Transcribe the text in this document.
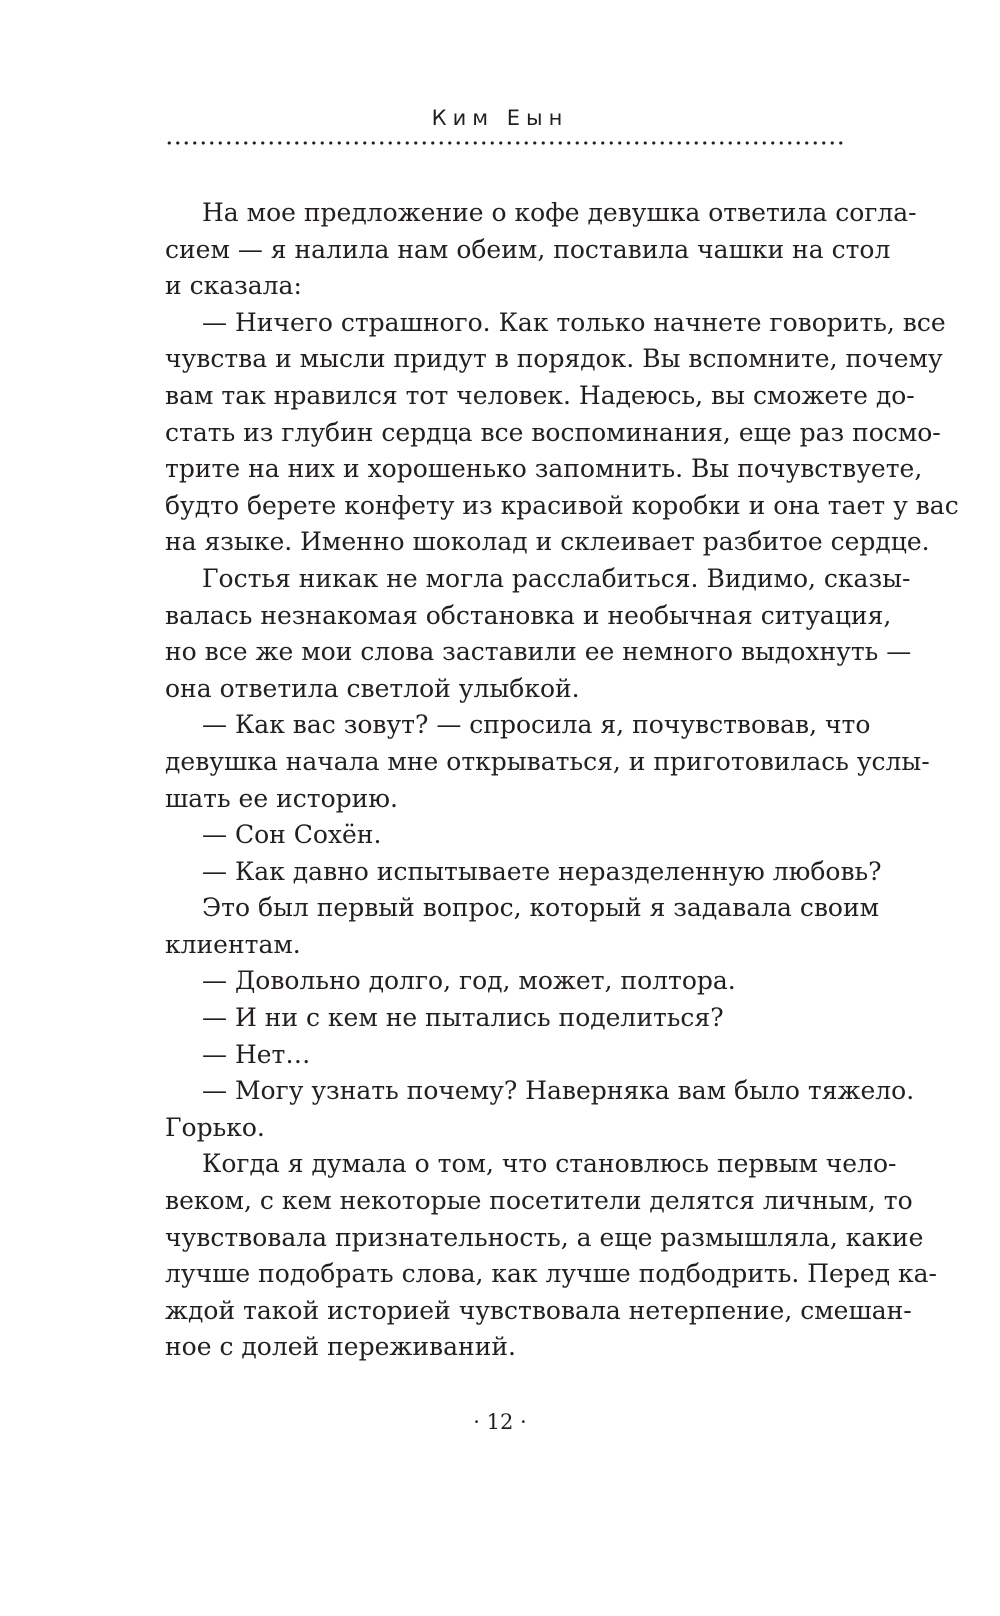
Ким Еын
На мое предложение о кофе девушка ответила согла-
сием — я налила нам обеим, поставила чашки на стол
и сказала:
— Ничего страшного. Как только начнете говорить, все
чувства и мысли придут в порядок. Вы вспомните, почему
вам так нравился тот человек. Надеюсь, вы сможете до-
стать из глубин сердца все воспоминания, еще раз посмо-
трите на них и хорошенько запомнить. Вы почувствуете,
будто берете конфету из красивой коробки и она тает у вас
на языке. Именно шоколад и склеивает разбитое сердце.
Гостья никак не могла расслабиться. Видимо, сказы-
валась незнакомая обстановка и необычная ситуация,
но все же мои слова заставили ее немного выдохнуть —
она ответила светлой улыбкой.
— Как вас зовут? — спросила я, почувствовав, что
девушка начала мне открываться, и приготовилась услы-
шать ее историю.
— Сон Сохён.
— Как давно испытываете неразделенную любовь?
Это был первый вопрос, который я задавала своим
клиентам.
— Довольно долго, год, может, полтора.
— И ни с кем не пытались поделиться?
— Нет…
— Могу узнать почему? Наверняка вам было тяжело.
Горько.
Когда я думала о том, что становлюсь первым чело-
веком, с кем некоторые посетители делятся личным, то
чувствовала признательность, а еще размышляла, какие
лучше подобрать слова, как лучше подбодрить. Перед ка-
ждой такой историей чувствовала нетерпение, смешан-
ное с долей переживаний.
· 12 ·
